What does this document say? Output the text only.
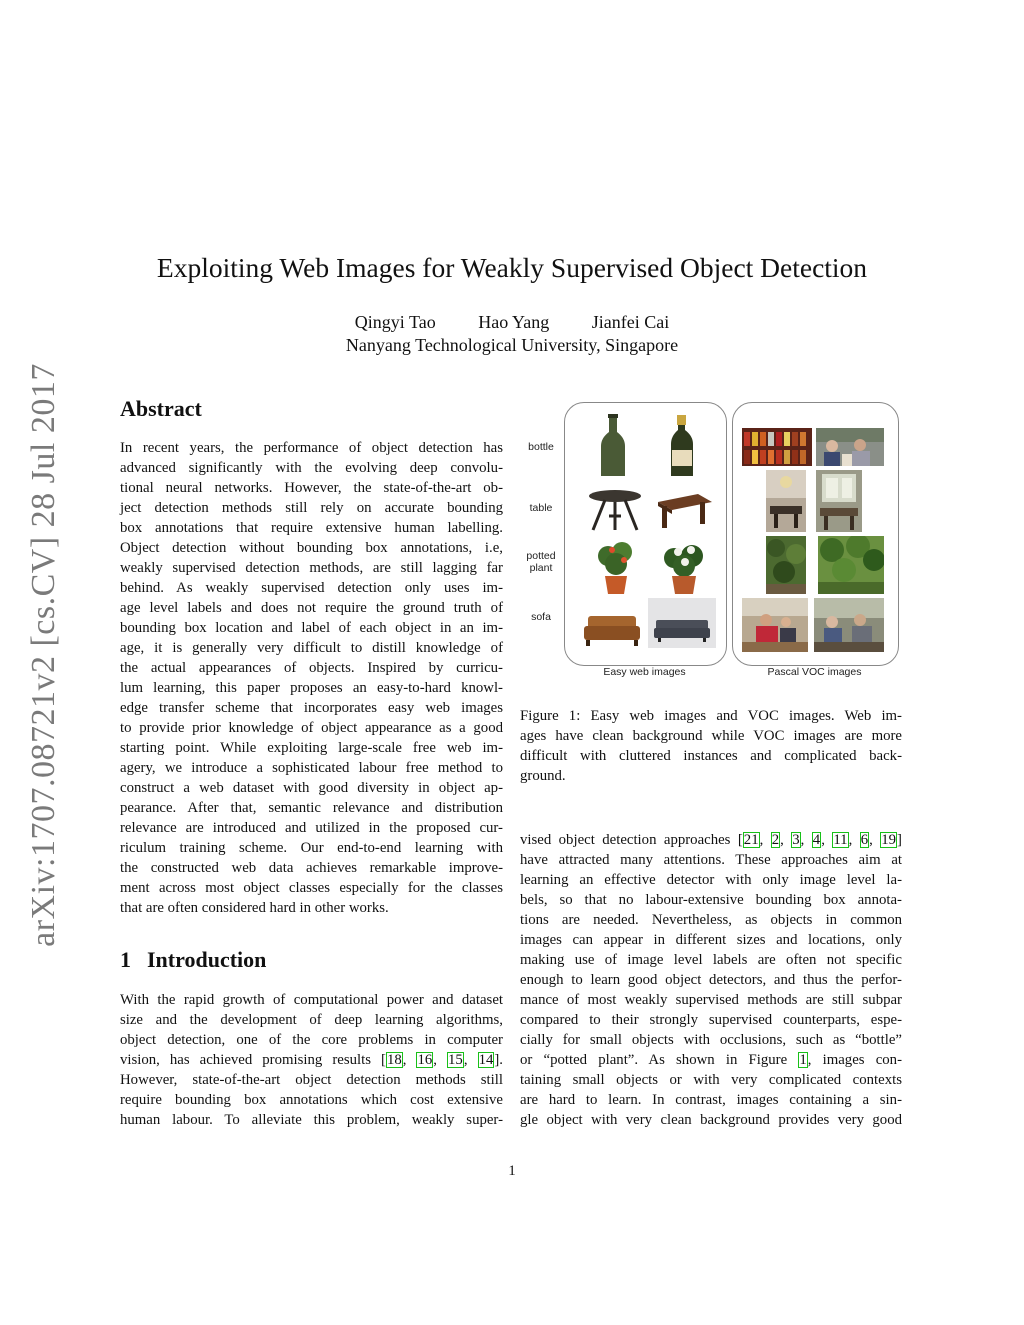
arXiv:1707.08721v2 [cs.CV] 28 Jul 2017
Exploiting Web Images for Weakly Supervised Object Detection
Qingyi Tao Hao Yang Jianfei Cai
Nanyang Technological University, Singapore
Abstract
In recent years, the performance of object detection has
advanced significantly with the evolving deep convolu-
tional neural networks. However, the state-of-the-art ob-
ject detection methods still rely on accurate bounding
box annotations that require extensive human labelling.
Object detection without bounding box annotations, i.e,
weakly supervised detection methods, are still lagging far
behind. As weakly supervised detection only uses im-
age level labels and does not require the ground truth of
bounding box location and label of each object in an im-
age, it is generally very difficult to distill knowledge of
the actual appearances of objects. Inspired by curricu-
lum learning, this paper proposes an easy-to-hard knowl-
edge transfer scheme that incorporates easy web images
to provide prior knowledge of object appearance as a good
starting point. While exploiting large-scale free web im-
agery, we introduce a sophisticated labour free method to
construct a web dataset with good diversity in object ap-
pearance. After that, semantic relevance and distribution
relevance are introduced and utilized in the proposed cur-
riculum training scheme. Our end-to-end learning with
the constructed web data achieves remarkable improve-
ment across most object classes especially for the classes
that are often considered hard in other works.
1 Introduction
With the rapid growth of computational power and dataset
size and the development of deep learning algorithms,
object detection, one of the core problems in computer
vision, has achieved promising results [18, 16, 15, 14].
However, state-of-the-art object detection methods still
require bounding box annotations which cost extensive
human labour. To alleviate this problem, weakly super-
bottle
table
potted
plant
sofa
Easy web images	Pascal VOC images
Figure 1: Easy web images and VOC images. Web im-
ages have clean background while VOC images are more
difficult with cluttered instances and complicated back-
ground.
vised object detection approaches [21, 2, 3, 4, 11, 6, 19]
have attracted many attentions. These approaches aim at
learning an effective detector with only image level la-
bels, so that no labour-extensive bounding box annota-
tions are needed. Nevertheless, as objects in common
images can appear in different sizes and locations, only
making use of image level labels are often not specific
enough to learn good object detectors, and thus the perfor-
mance of most weakly supervised methods are still subpar
compared to their strongly supervised counterparts, espe-
cially for small objects with occlusions, such as “bottle”
or “potted plant”. As shown in Figure 1, images con-
taining small objects or with very complicated contexts
are hard to learn. In contrast, images containing a sin-
gle object with very clean background provides very good
1
